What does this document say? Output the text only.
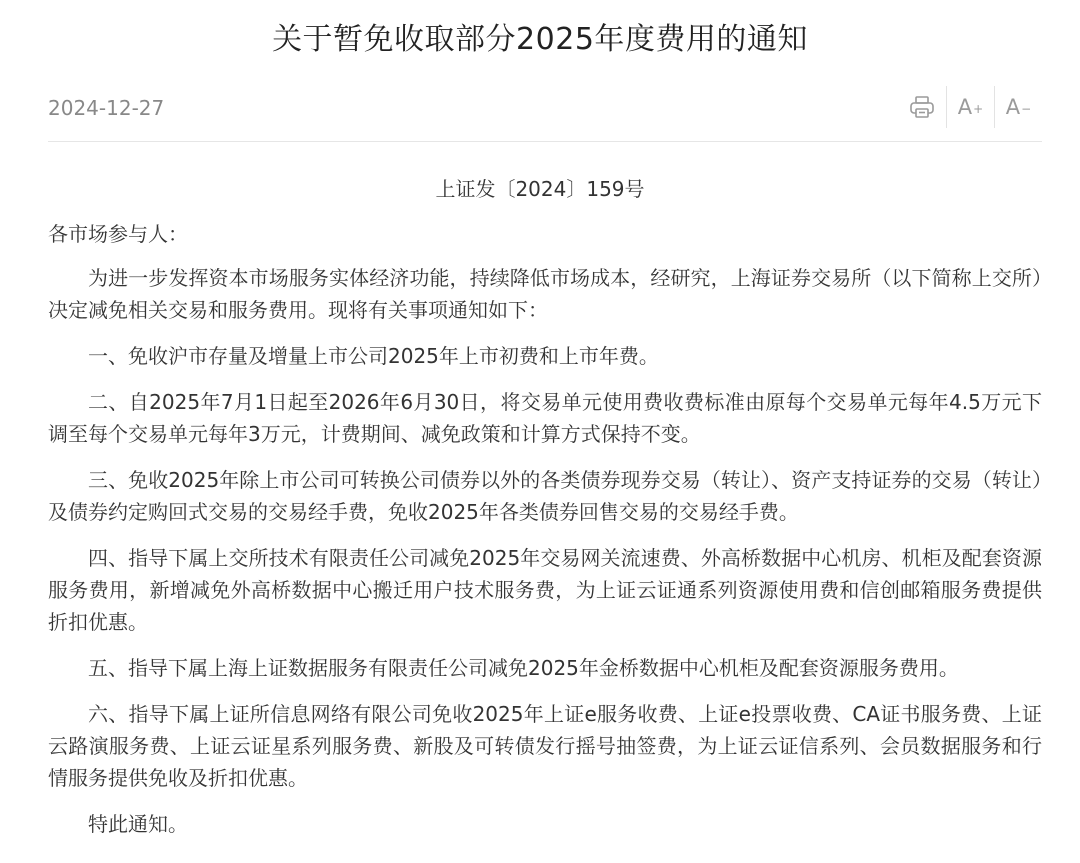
关于暂免收取部分2025年度费用的通知
2024-12-27	A + A −
上证发〔2024〕159号

各市场参与人：

为进一步发挥资本市场服务实体经济功能，持续降低市场成本，经研究，上海证券交易所（以下简称上交所）决定减免相关交易和服务费用。现将有关事项通知如下：

一、免收沪市存量及增量上市公司2025年上市初费和上市年费。

二、自2025年7月1日起至2026年6月30日，将交易单元使用费收费标准由原每个交易单元每年4.5万元下调至每个交易单元每年3万元，计费期间、减免政策和计算方式保持不变。

三、免收2025年除上市公司可转换公司债券以外的各类债券现券交易（转让）、资产支持证券的交易（转让）及债券约定购回式交易的交易经手费，免收2025年各类债券回售交易的交易经手费。

四、指导下属上交所技术有限责任公司减免2025年交易网关流速费、外高桥数据中心机房、机柜及配套资源服务费用，新增减免外高桥数据中心搬迁用户技术服务费，为上证云证通系列资源使用费和信创邮箱服务费提供折扣优惠。

五、指导下属上海上证数据服务有限责任公司减免2025年金桥数据中心机柜及配套资源服务费用。

六、指导下属上证所信息网络有限公司免收2025年上证e服务收费、上证e投票收费、CA证书服务费、上证云路演服务费、上证云证星系列服务费、新股及可转债发行摇号抽签费，为上证云证信系列、会员数据服务和行情服务提供免收及折扣优惠。

特此通知。
